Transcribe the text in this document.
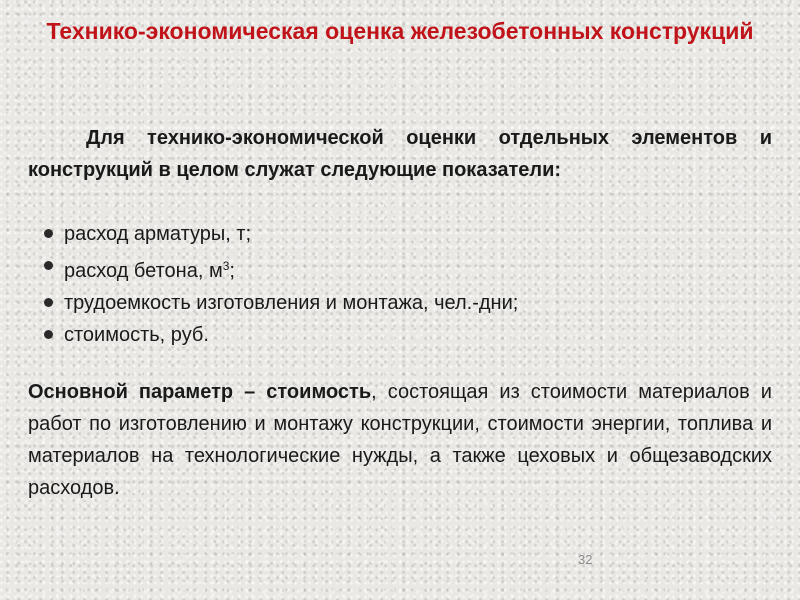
Технико-экономическая оценка железобетонных конструкций

Для технико-экономической оценки отдельных элементов и конструкций в целом служат следующие показатели:

расход арматуры, т;
расход бетона, $м^3$;
трудоемкость изготовления и монтажа, чел.-дни;
стоимость, руб.

Основной параметр – стоимость, состоящая из стоимости материалов и работ по изготовлению и монтажу конструкции, стоимости энергии, топлива и материалов на технологические нужды, а также цеховых и общезаводских расходов.

32
